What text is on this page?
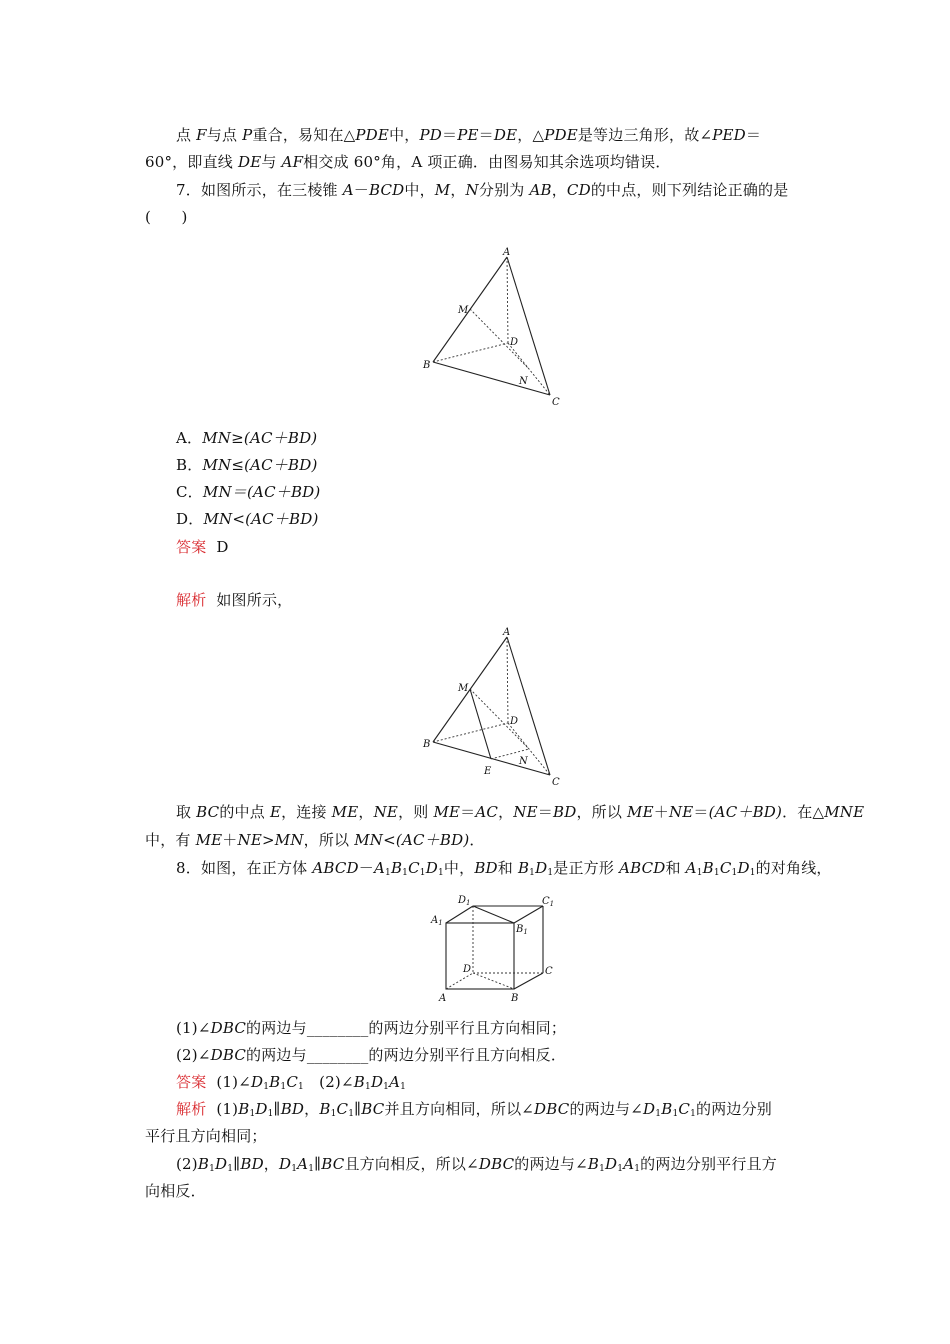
点 F与点 P重合，易知在△PDE中，PD＝PE＝DE，△PDE是等边三角形，故∠PED＝
60°，即直线 DE与 AF相交成 60°角，A 项正确．由图易知其余选项均错误．
7．如图所示，在三棱锥 A－BCD中，M，N分别为 AB，CD的中点，则下列结论正确的是
(　　)
A
M
D
B
N
C
A．MN≥(AC＋BD)
B．MN≤(AC＋BD)
C．MN＝(AC＋BD)
D．MN<(AC＋BD)
答案 D
解析 如图所示，
A
M
D
B
E
N
C
取 BC的中点 E，连接 ME，NE，则 ME＝AC，NE＝BD，所以 ME＋NE＝(AC＋BD)．在△MNE
中，有 ME＋NE>MN，所以 MN<(AC＋BD)．
8．如图，在正方体 $ABCD-A_1B_1C_1D_1$中，BD和 $B_1D_1$是正方形 ABCD和 $A_1B_1C_1D_1$的对角线，
$D_1$
$A_1$
$C_1$
$B_1$
D	C
A	B
(1)∠DBC的两边与________的两边分别平行且方向相同；
(2)∠DBC的两边与________的两边分别平行且方向相反．
答案 $(1)\angle D_1B_1C_1$　$(2)\angle B_1D_1A_1$
解析 $(1)B_1D_1\parallel BD$，$B_1C_1\parallel BC$并且方向相同，所以∠DBC的两边与$\angle D_1B_1C_1$的两边分别
平行且方向相同；
$(2)B_1D_1\parallel BD$，$D_1A_1\parallel BC$且方向相反，所以∠DBC的两边与$\angle B_1D_1A_1$的两边分别平行且方
向相反．
